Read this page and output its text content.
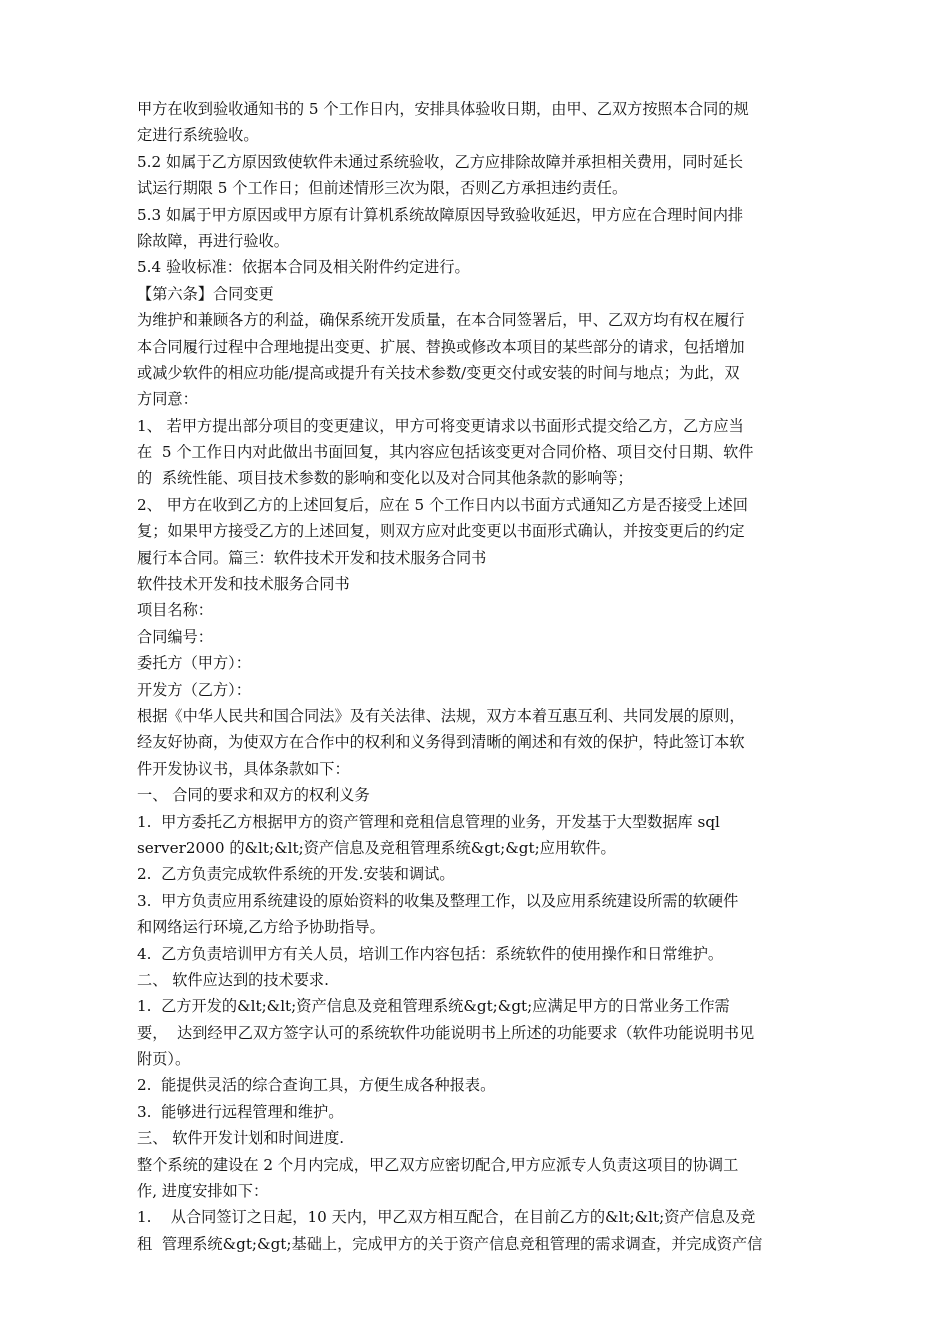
甲方在收到验收通知书的 5 个工作日内，安排具体验收日期，由甲、乙双方按照本合同的规
定进行系统验收。
5.2 如属于乙方原因致使软件未通过系统验收，乙方应排除故障并承担相关费用，同时延长
试运行期限 5 个工作日；但前述情形三次为限，否则乙方承担违约责任。
5.3 如属于甲方原因或甲方原有计算机系统故障原因导致验收延迟，甲方应在合理时间内排
除故障，再进行验收。
5.4 验收标准：依据本合同及相关附件约定进行。
【第六条】合同变更
为维护和兼顾各方的利益，确保系统开发质量，在本合同签署后，甲、乙双方均有权在履行
本合同履行过程中合理地提出变更、扩展、替换或修改本项目的某些部分的请求，包括增加
或减少软件的相应功能/提高或提升有关技术参数/变更交付或安装的时间与地点；为此，双
方同意：
1、 若甲方提出部分项目的变更建议，甲方可将变更请求以书面形式提交给乙方，乙方应当
在  5 个工作日内对此做出书面回复，其内容应包括该变更对合同价格、项目交付日期、软件
的  系统性能、项目技术参数的影响和变化以及对合同其他条款的影响等；
2、 甲方在收到乙方的上述回复后，应在 5 个工作日内以书面方式通知乙方是否接受上述回
复；如果甲方接受乙方的上述回复，则双方应对此变更以书面形式确认，并按变更后的约定
履行本合同。篇三：软件技术开发和技术服务合同书
软件技术开发和技术服务合同书
项目名称：
合同编号：
委托方（甲方）：
开发方（乙方）：
根据《中华人民共和国合同法》及有关法律、法规，双方本着互惠互利、共同发展的原则，
经友好协商，为使双方在合作中的权利和义务得到清晰的阐述和有效的保护，特此签订本软
件开发协议书，具体条款如下：
一、 合同的要求和双方的权利义务
1.  甲方委托乙方根据甲方的资产管理和竞租信息管理的业务，开发基于大型数据库 sql
server2000 的&lt;&lt;资产信息及竞租管理系统&gt;&gt;应用软件。
2.  乙方负责完成软件系统的开发.安装和调试。
3.  甲方负责应用系统建设的原始资料的收集及整理工作，以及应用系统建设所需的软硬件
和网络运行环境,乙方给予协助指导。
4.  乙方负责培训甲方有关人员，培训工作内容包括：系统软件的使用操作和日常维护。
二、 软件应达到的技术要求.
1.  乙方开发的&lt;&lt;资产信息及竞租管理系统&gt;&gt;应满足甲方的日常业务工作需
要，  达到经甲乙双方签字认可的系统软件功能说明书上所述的功能要求（软件功能说明书见
附页）。
2.  能提供灵活的综合查询工具，方便生成各种报表。
3.  能够进行远程管理和维护。
三、 软件开发计划和时间进度.
整个系统的建设在 2 个月内完成，甲乙双方应密切配合,甲方应派专人负责这项目的协调工
作, 进度安排如下：
1.    从合同签订之日起，10 天内，甲乙双方相互配合，在目前乙方的&lt;&lt;资产信息及竞
租  管理系统&gt;&gt;基础上，完成甲方的关于资产信息竞租管理的需求调查，并完成资产信
